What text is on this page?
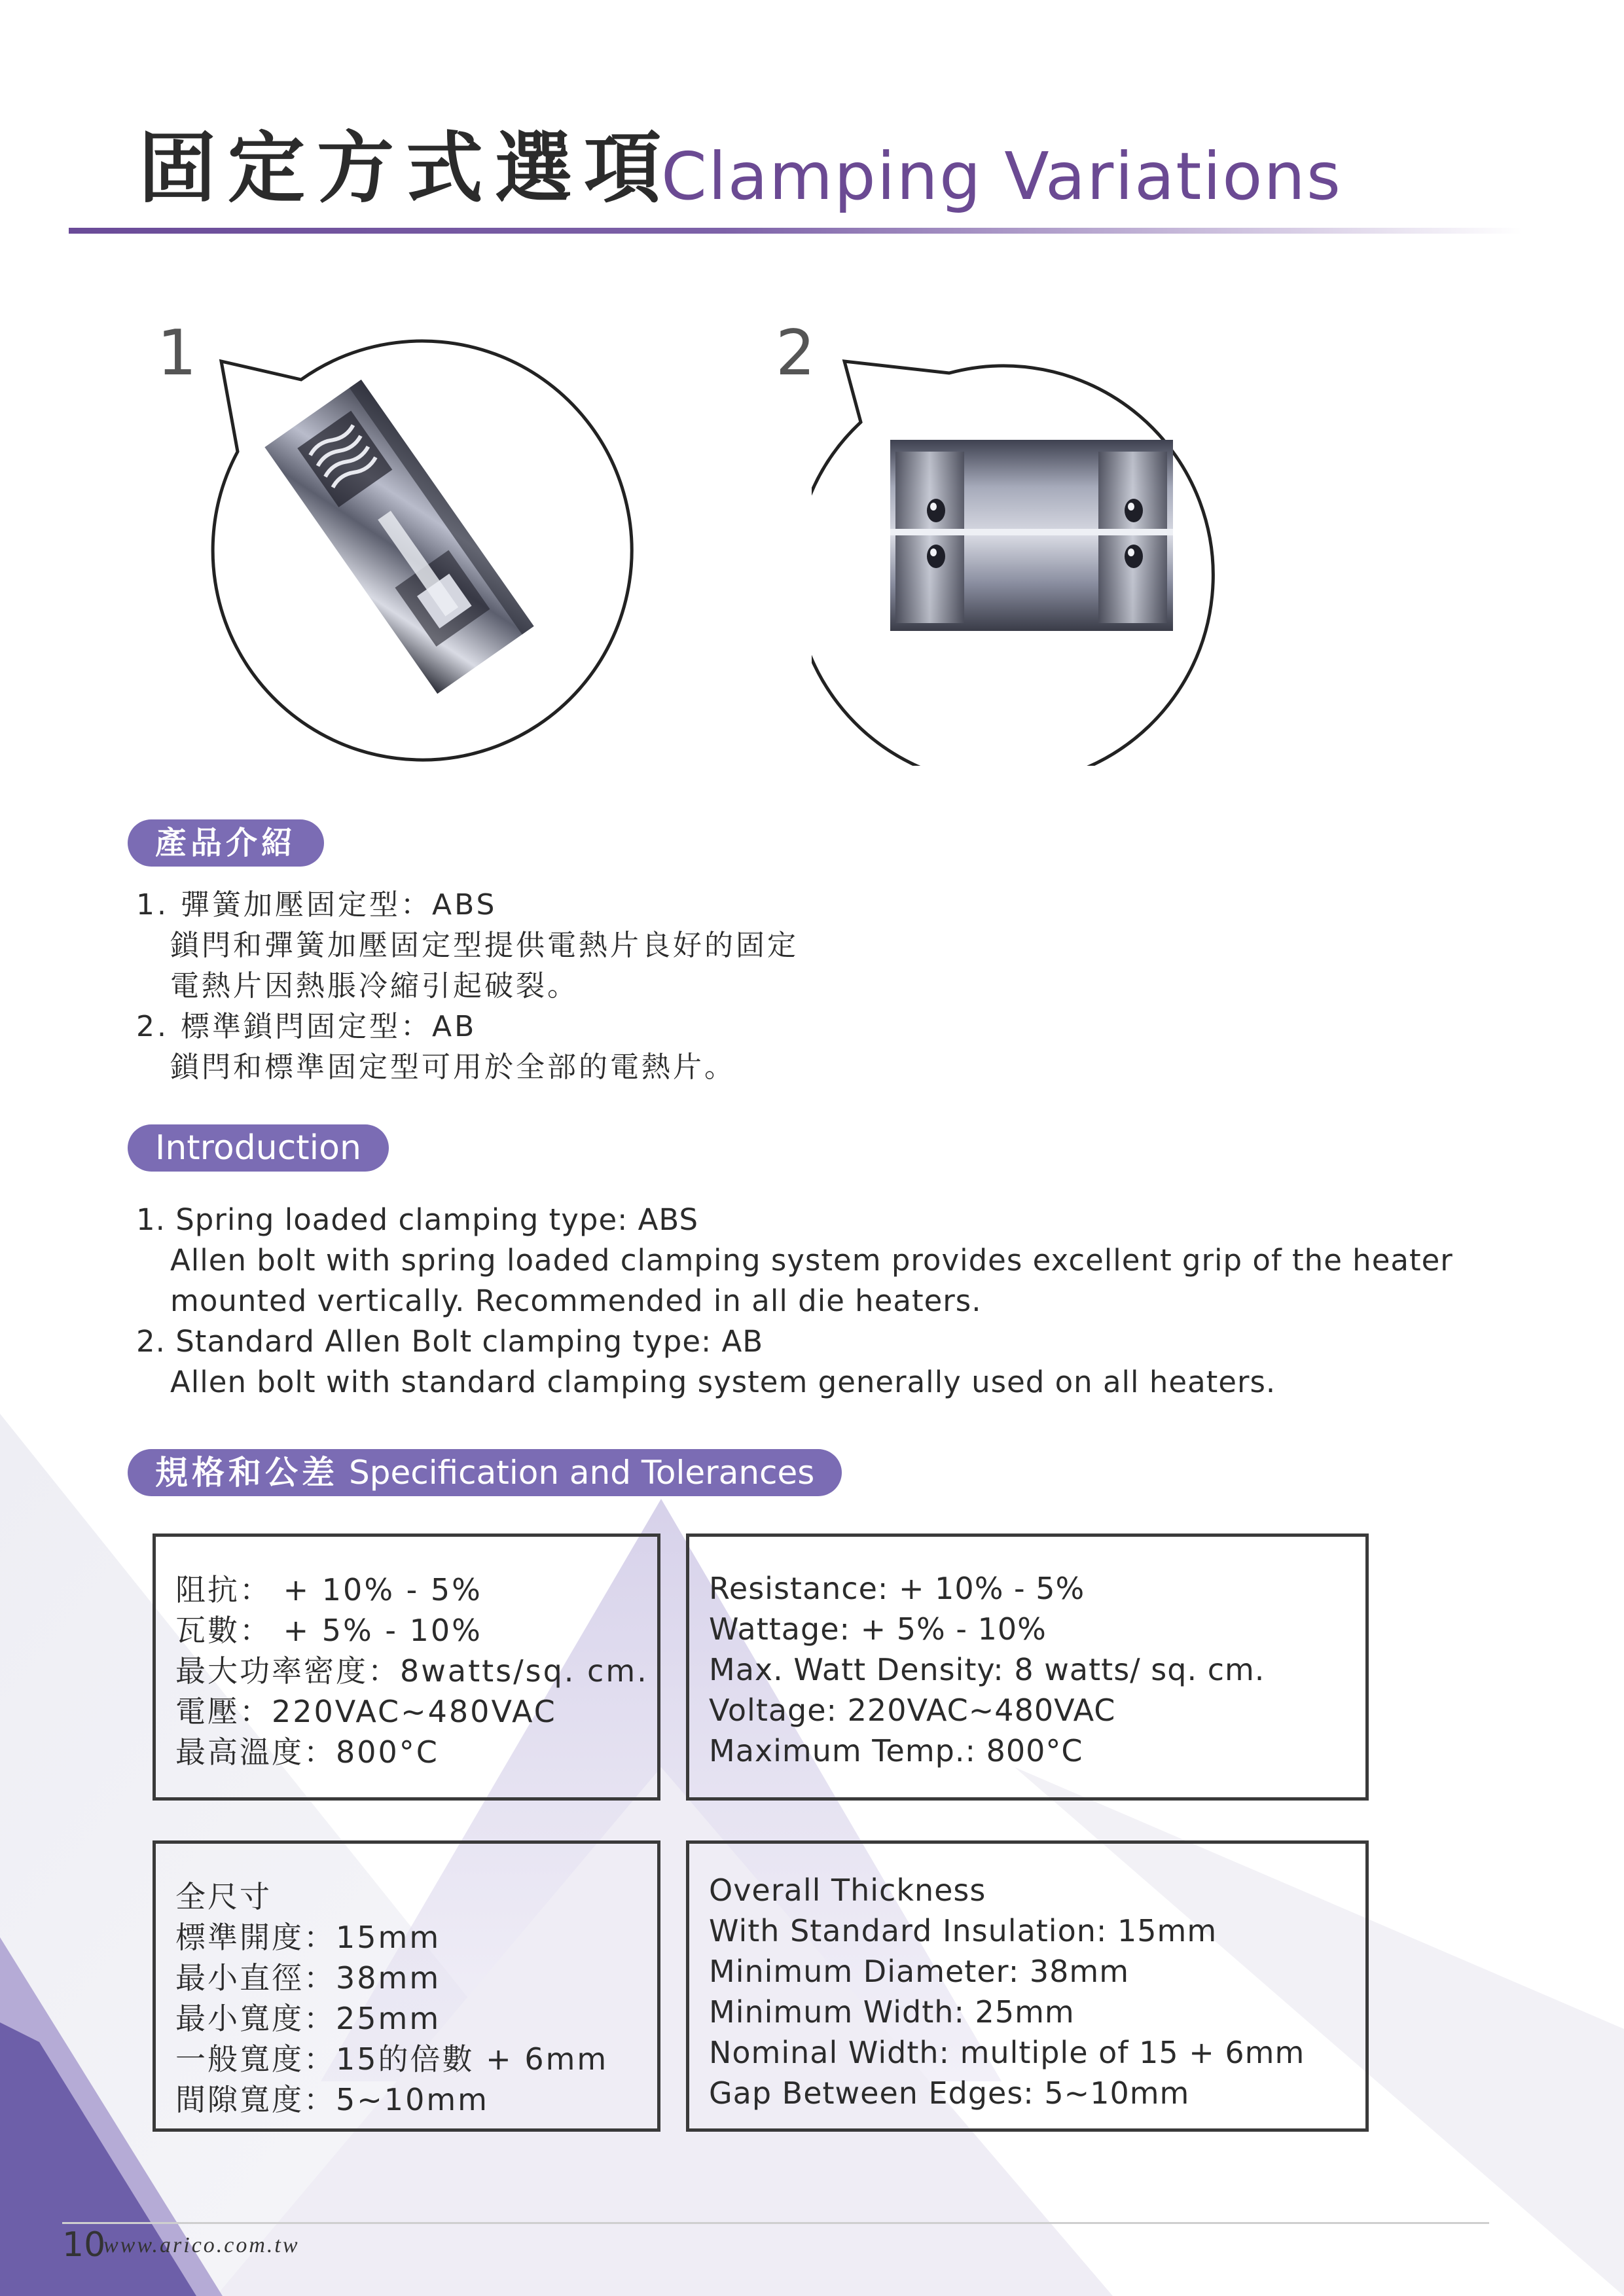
固定方式選項
Clamping Variations
1	2
產品介紹
1. 彈簧加壓固定型：ABS
鎖閂和彈簧加壓固定型提供電熱片良好的固定
電熱片因熱脹冷縮引起破裂。
2. 標準鎖閂固定型：AB
鎖閂和標準固定型可用於全部的電熱片。
Introduction
1. Spring loaded clamping type: ABS
Allen bolt with spring loaded clamping system provides excellent grip of the heater
mounted vertically. Recommended in all die heaters.
2. Standard Allen Bolt clamping type: AB
Allen bolt with standard clamping system generally used on all heaters.
規格和公差 Specification and Tolerances
阻抗： + 10% - 5%
瓦數： + 5% - 10%
最大功率密度：8watts/sq. cm.
電壓：220VAC~480VAC
最高溫度：800°C
Resistance: + 10% - 5%
Wattage: + 5% - 10%
Max. Watt Density: 8 watts/ sq. cm.
Voltage: 220VAC~480VAC
Maximum Temp.: 800°C
全尺寸
標準開度：15mm
最小直徑：38mm
最小寬度：25mm
一般寬度：15的倍數 + 6mm
間隙寬度：5~10mm
Overall Thickness
With Standard Insulation: 15mm
Minimum Diameter: 38mm
Minimum Width: 25mm
Nominal Width: multiple of 15 + 6mm
Gap Between Edges: 5~10mm
10
www.arico.com.tw
